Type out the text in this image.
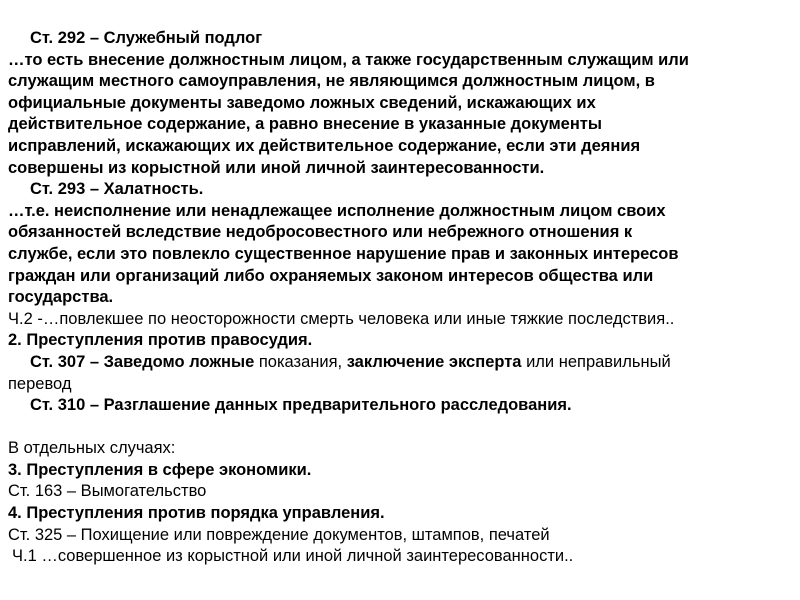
Ст. 292 – Служебный подлог
…то есть внесение должностным лицом, а также государственным служащим или
служащим местного самоуправления, не являющимся должностным лицом, в
официальные документы заведомо ложных сведений, искажающих их
действительное содержание, а равно внесение в указанные документы
исправлений, искажающих их действительное содержание, если эти деяния
совершены из корыстной или иной личной заинтересованности.
Ст. 293 – Халатность.
…т.е. неисполнение или ненадлежащее исполнение должностным лицом своих
обязанностей вследствие недобросовестного или небрежного отношения к
службе, если это повлекло существенное нарушение прав и законных интересов
граждан или организаций либо охраняемых законом интересов общества или
государства.
Ч.2 -…повлекшее по неосторожности смерть человека или иные тяжкие последствия..
2. Преступления против правосудия.
Ст. 307 – Заведомо ложные показания, заключение эксперта или неправильный
перевод
Ст. 310 – Разглашение данных предварительного расследования.
В отдельных случаях:
3. Преступления в сфере экономики.
Ст. 163 – Вымогательство
4. Преступления против порядка управления.
Ст. 325 – Похищение или повреждение документов, штампов, печатей
Ч.1 …совершенное из корыстной или иной личной заинтересованности..
